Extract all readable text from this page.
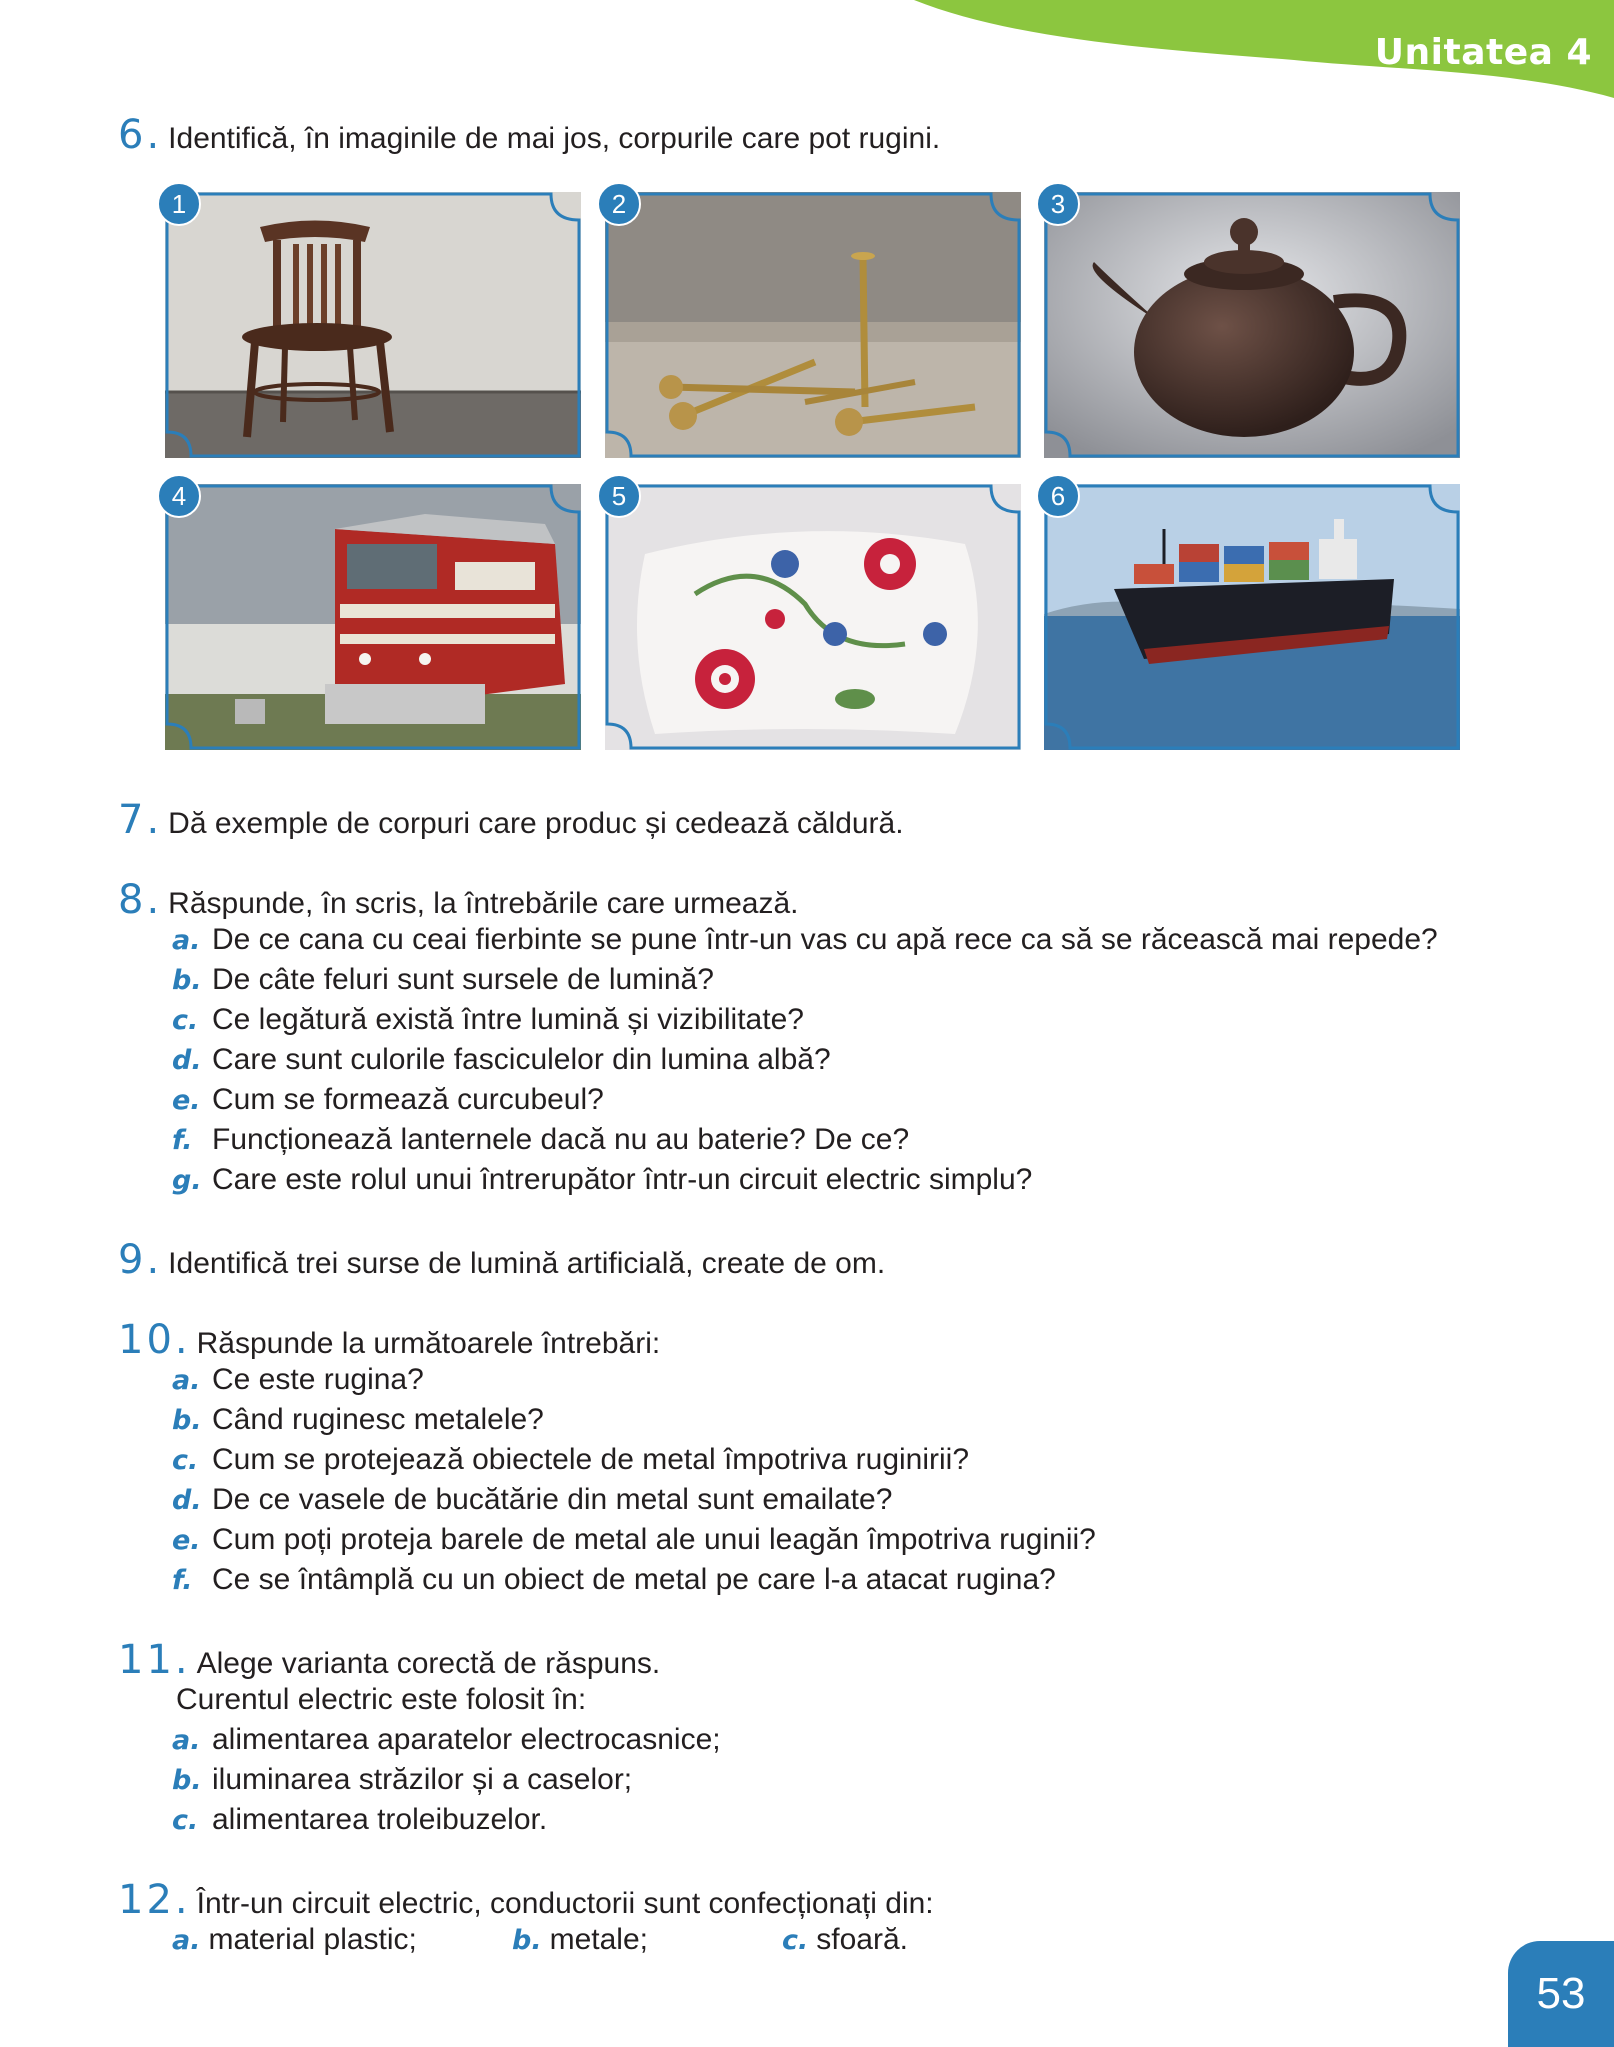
Unitatea 4
6. Identifică, în imaginile de mai jos, corpurile care pot rugini.
1	2	3
4	5	6
7. Dă exemple de corpuri care produc și cedează căldură.
8. Răspunde, în scris, la întrebările care urmează.
a. De ce cana cu ceai fierbinte se pune într-un vas cu apă rece ca să se răcească mai repede?
b. De câte feluri sunt sursele de lumină?
c. Ce legătură există între lumină și vizibilitate?
d. Care sunt culorile fasciculelor din lumina albă?
e. Cum se formează curcubeul?
f. Funcționează lanternele dacă nu au baterie? De ce?
g. Care este rolul unui întrerupător într-un circuit electric simplu?
9. Identifică trei surse de lumină artificială, create de om.
10. Răspunde la următoarele întrebări:
a. Ce este rugina?
b. Când ruginesc metalele?
c. Cum se protejează obiectele de metal împotriva ruginirii?
d. De ce vasele de bucătărie din metal sunt emailate?
e. Cum poți proteja barele de metal ale unui leagăn împotriva ruginii?
f. Ce se întâmplă cu un obiect de metal pe care l-a atacat rugina?
11. Alege varianta corectă de răspuns.
Curentul electric este folosit în:
a. alimentarea aparatelor electrocasnice;
b. iluminarea străzilor și a caselor;
c. alimentarea troleibuzelor.
12. Într-un circuit electric, conductorii sunt confecționați din:
a. material plastic;	b. metale;	c. sfoară.
53
